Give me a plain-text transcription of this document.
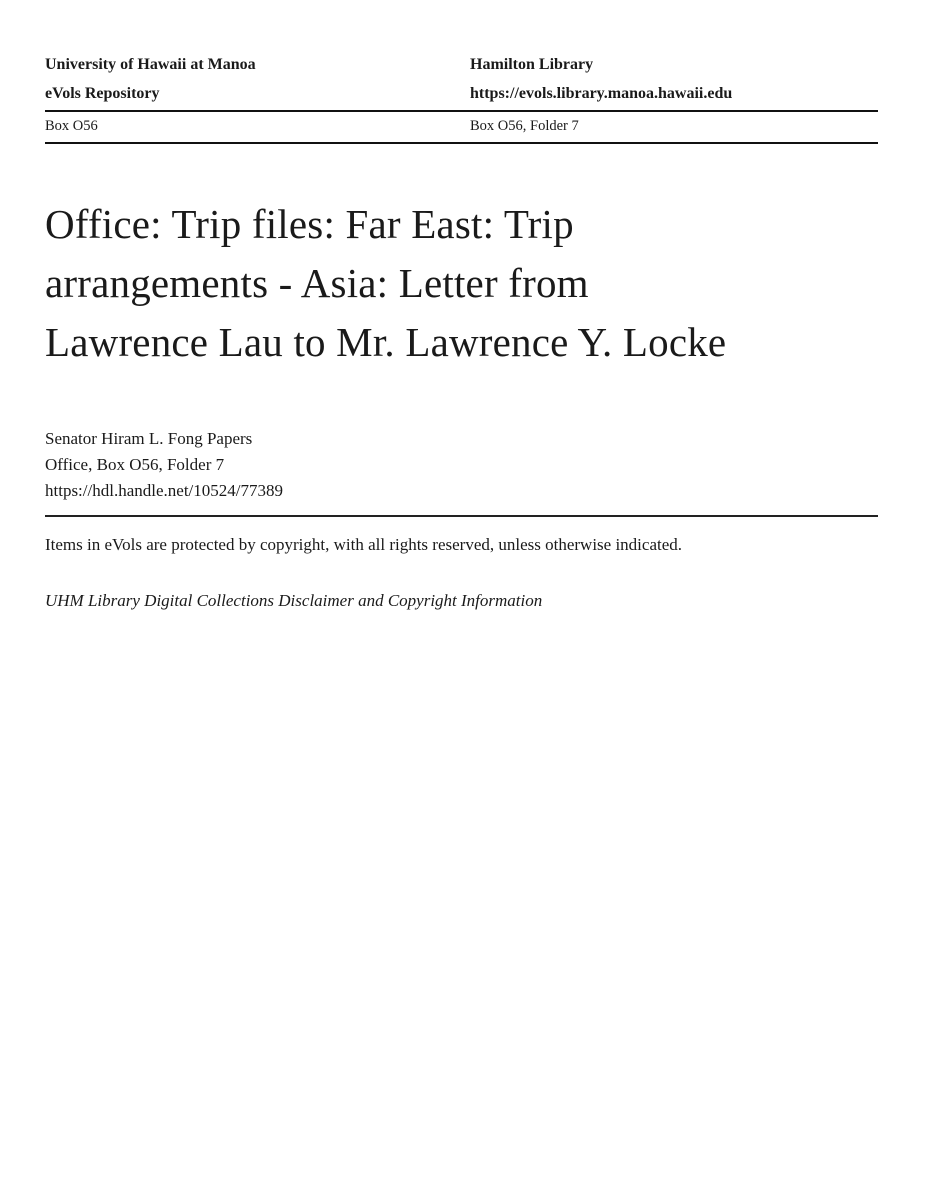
University of Hawaii at Manoa	Hamilton Library
eVols Repository	https://evols.library.manoa.hawaii.edu
Box O56	Box O56, Folder 7
Office: Trip files: Far East: Trip
arrangements - Asia: Letter from
Lawrence Lau to Mr. Lawrence Y. Locke
Senator Hiram L. Fong Papers
Office, Box O56, Folder 7
https://hdl.handle.net/10524/77389

Items in eVols are protected by copyright, with all rights reserved, unless otherwise indicated.

UHM Library Digital Collections Disclaimer and Copyright Information
